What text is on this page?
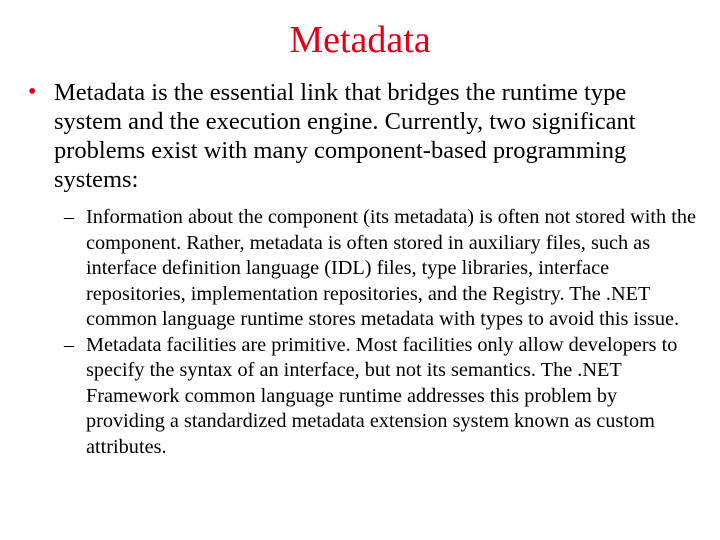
Metadata
• Metadata is the essential link that bridges the runtime type system and the execution engine. Currently, two significant problems exist with many component-based programming systems:

– Information about the component (its metadata) is often not stored with the component. Rather, metadata is often stored in auxiliary files, such as interface definition language (IDL) files, type libraries, interface repositories, implementation repositories, and the Registry. The .NET common language runtime stores metadata with types to avoid this issue.

– Metadata facilities are primitive. Most facilities only allow developers to specify the syntax of an interface, but not its semantics. The .NET Framework common language runtime addresses this problem by providing a standardized metadata extension system known as custom attributes.
